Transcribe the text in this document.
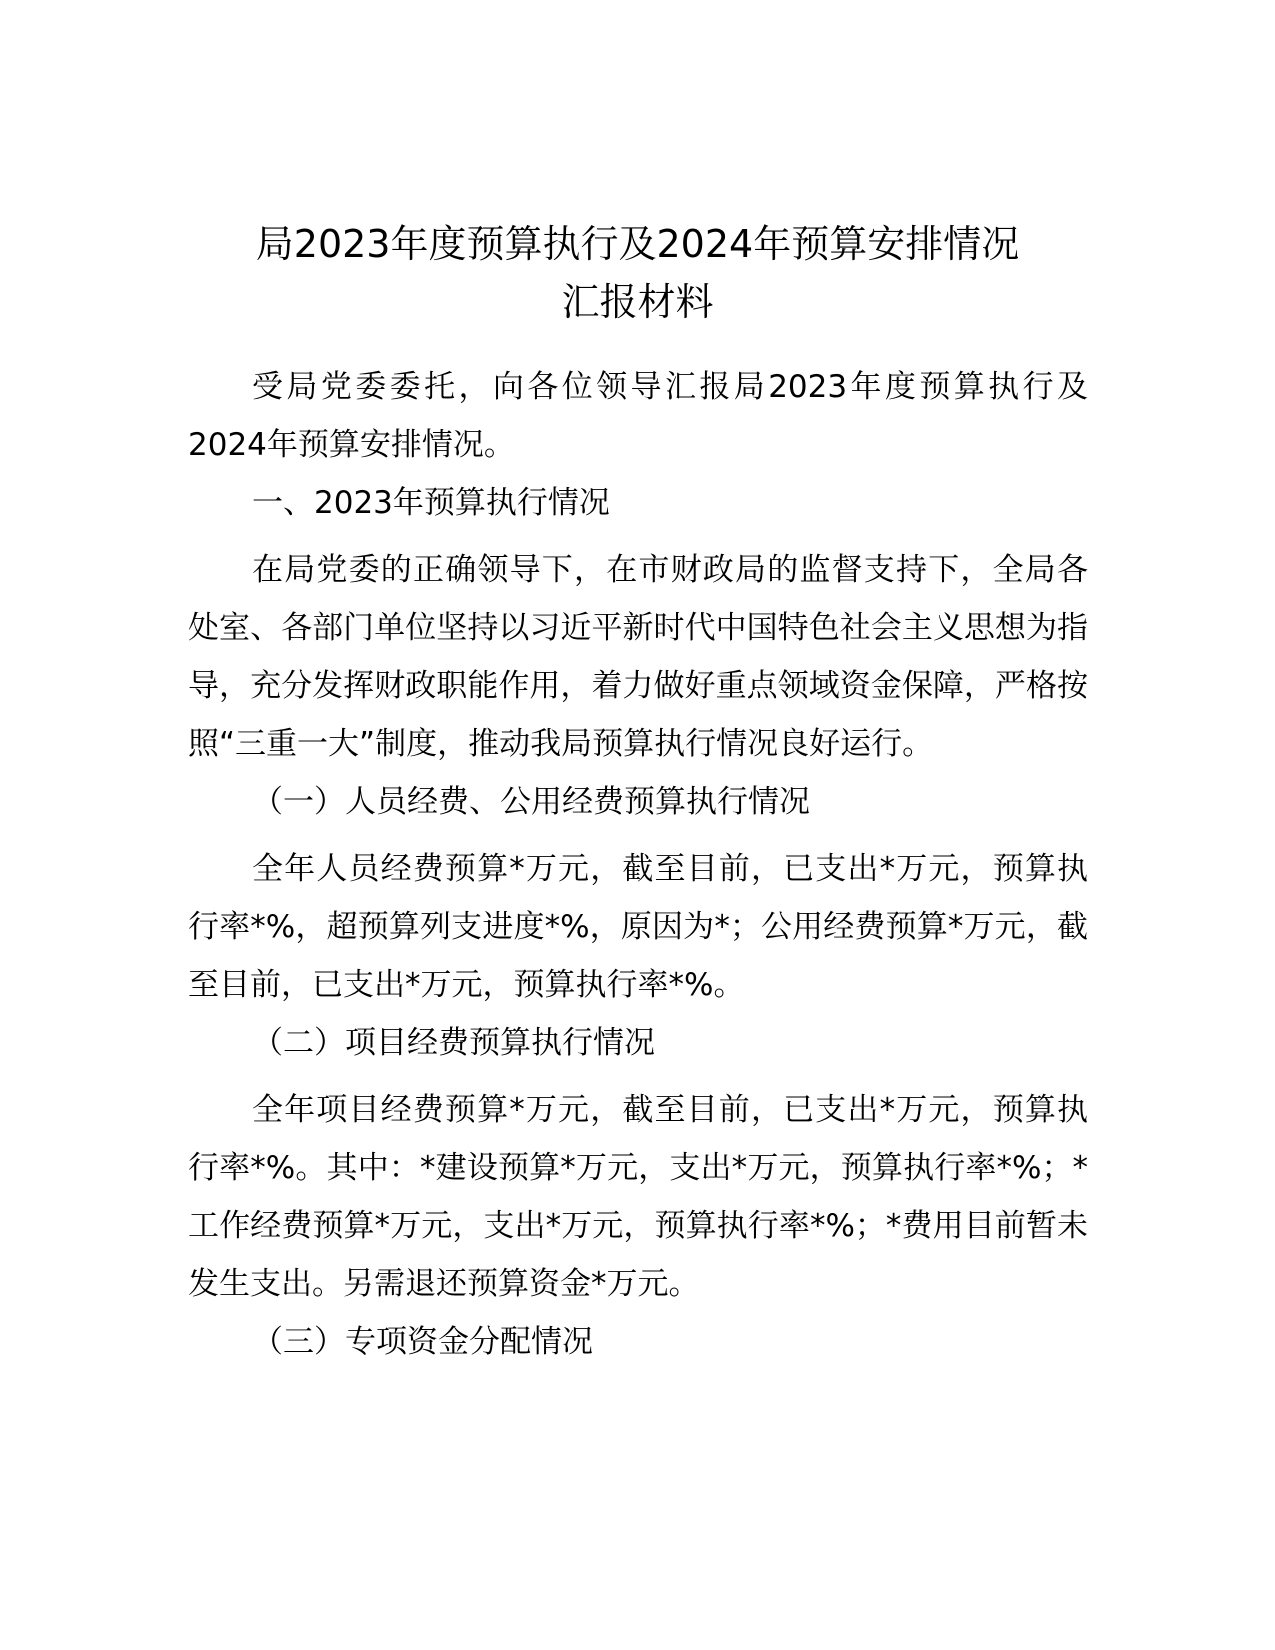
局2023年度预算执行及2024年预算安排情况
汇报材料

受局党委委托，向各位领导汇报局2023年度预算执行及2024年预算安排情况。

一、2023年预算执行情况

在局党委的正确领导下，在市财政局的监督支持下，全局各处室、各部门单位坚持以习近平新时代中国特色社会主义思想为指导，充分发挥财政职能作用，着力做好重点领域资金保障，严格按照“三重一大”制度，推动我局预算执行情况良好运行。

（一）人员经费、公用经费预算执行情况

全年人员经费预算*万元，截至目前，已支出*万元，预算执行率*%，超预算列支进度*%，原因为*；公用经费预算*万元，截至目前，已支出*万元，预算执行率*%。

（二）项目经费预算执行情况

全年项目经费预算*万元，截至目前，已支出*万元，预算执行率*%。其中：*建设预算*万元，支出*万元，预算执行率*%；*工作经费预算*万元，支出*万元，预算执行率*%；*费用目前暂未发生支出。另需退还预算资金*万元。

（三）专项资金分配情况
